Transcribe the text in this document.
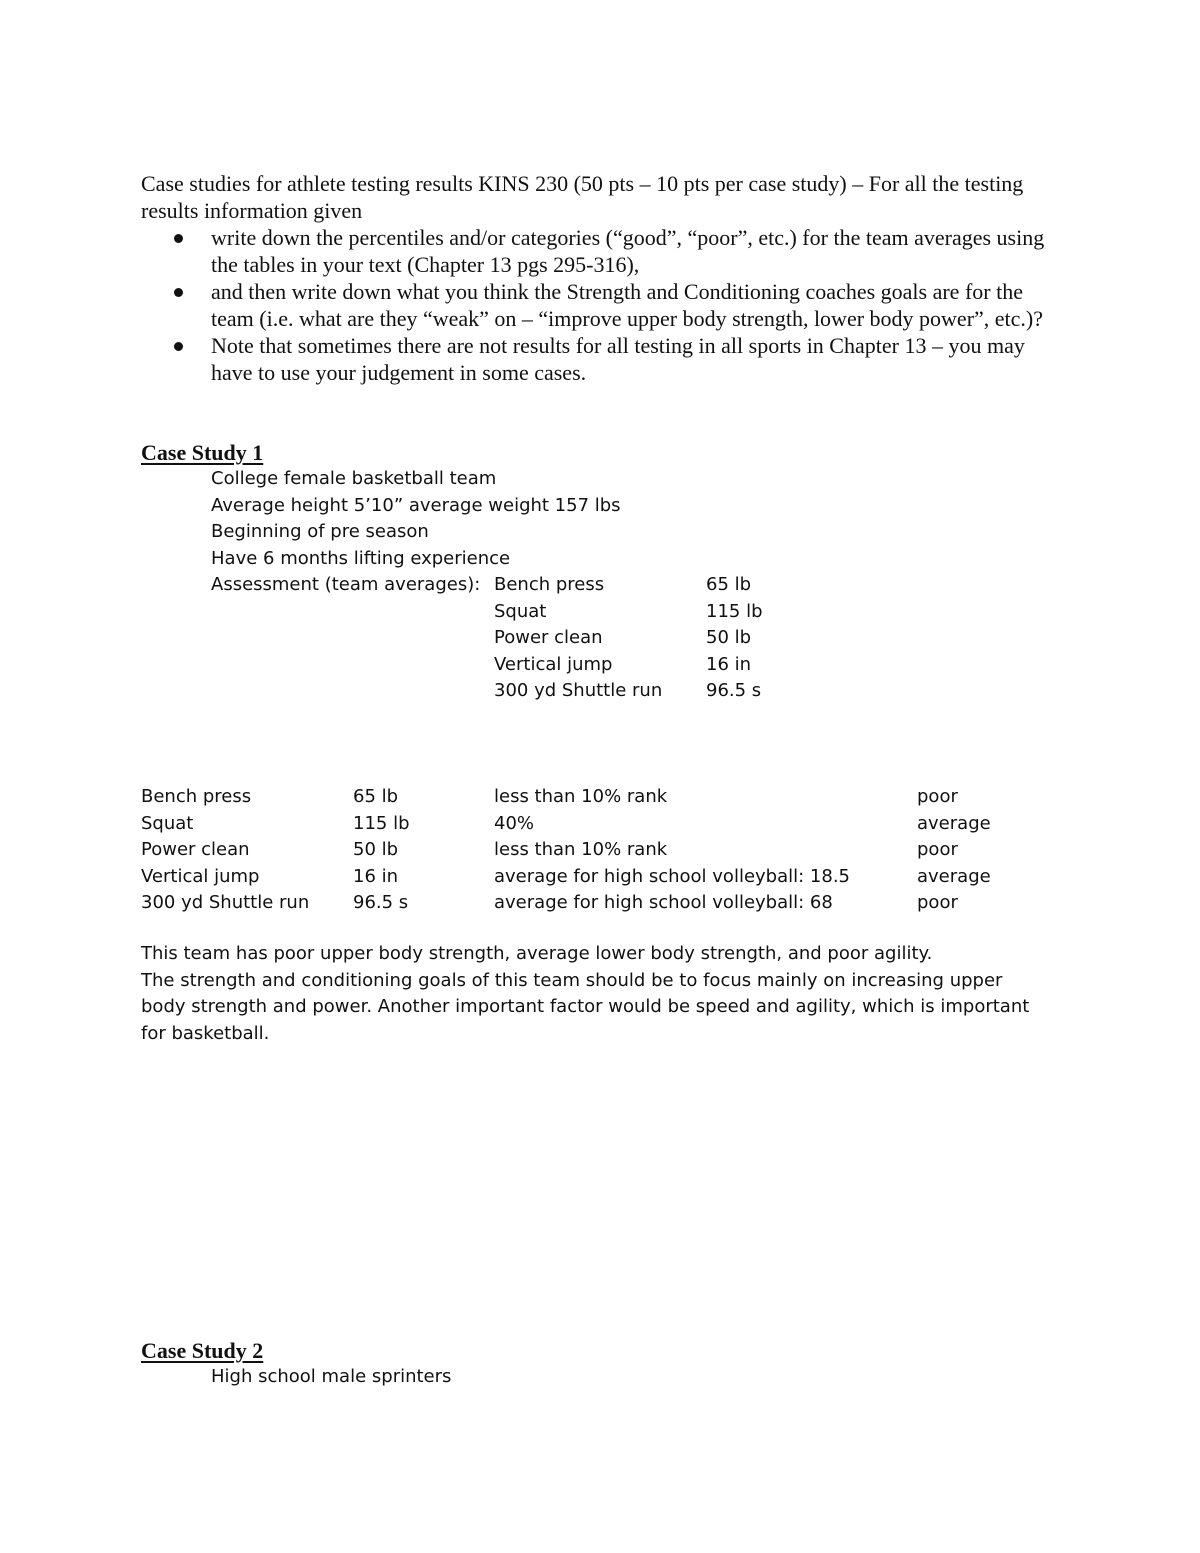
Case studies for athlete testing results KINS 230 (50 pts – 10 pts per case study) – For all the testing results information given

write down the percentiles and/or categories (“good”, “poor”, etc.) for the team averages using the tables in your text (Chapter 13 pgs 295-316),
and then write down what you think the Strength and Conditioning coaches goals are for the team (i.e. what are they “weak” on – “improve upper body strength, lower body power”, etc.)?
Note that sometimes there are not results for all testing in all sports in Chapter 13 – you may have to use your judgement in some cases.
Case Study 1
College female basketball team
Average height 5’10” average weight 157 lbs
Beginning of pre season
Have 6 months lifting experience
Assessment (team averages): Bench press	65 lb
Squat	115 lb
Power clean	50 lb
Vertical jump	16 in
300 yd Shuttle run 96.5 s
Bench press	65 lb	less than 10% rank	poor
Squat	115 lb	40%	average
Power clean	50 lb	less than 10% rank	poor
Vertical jump	16 in	average for high school volleyball: 18.5	average
300 yd Shuttle run 96.5 s	average for high school volleyball: 68	poor

This team has poor upper body strength, average lower body strength, and poor agility.

The strength and conditioning goals of this team should be to focus mainly on increasing upper body strength and power. Another important factor would be speed and agility, which is important for basketball.

Case Study 2
High school male sprinters
